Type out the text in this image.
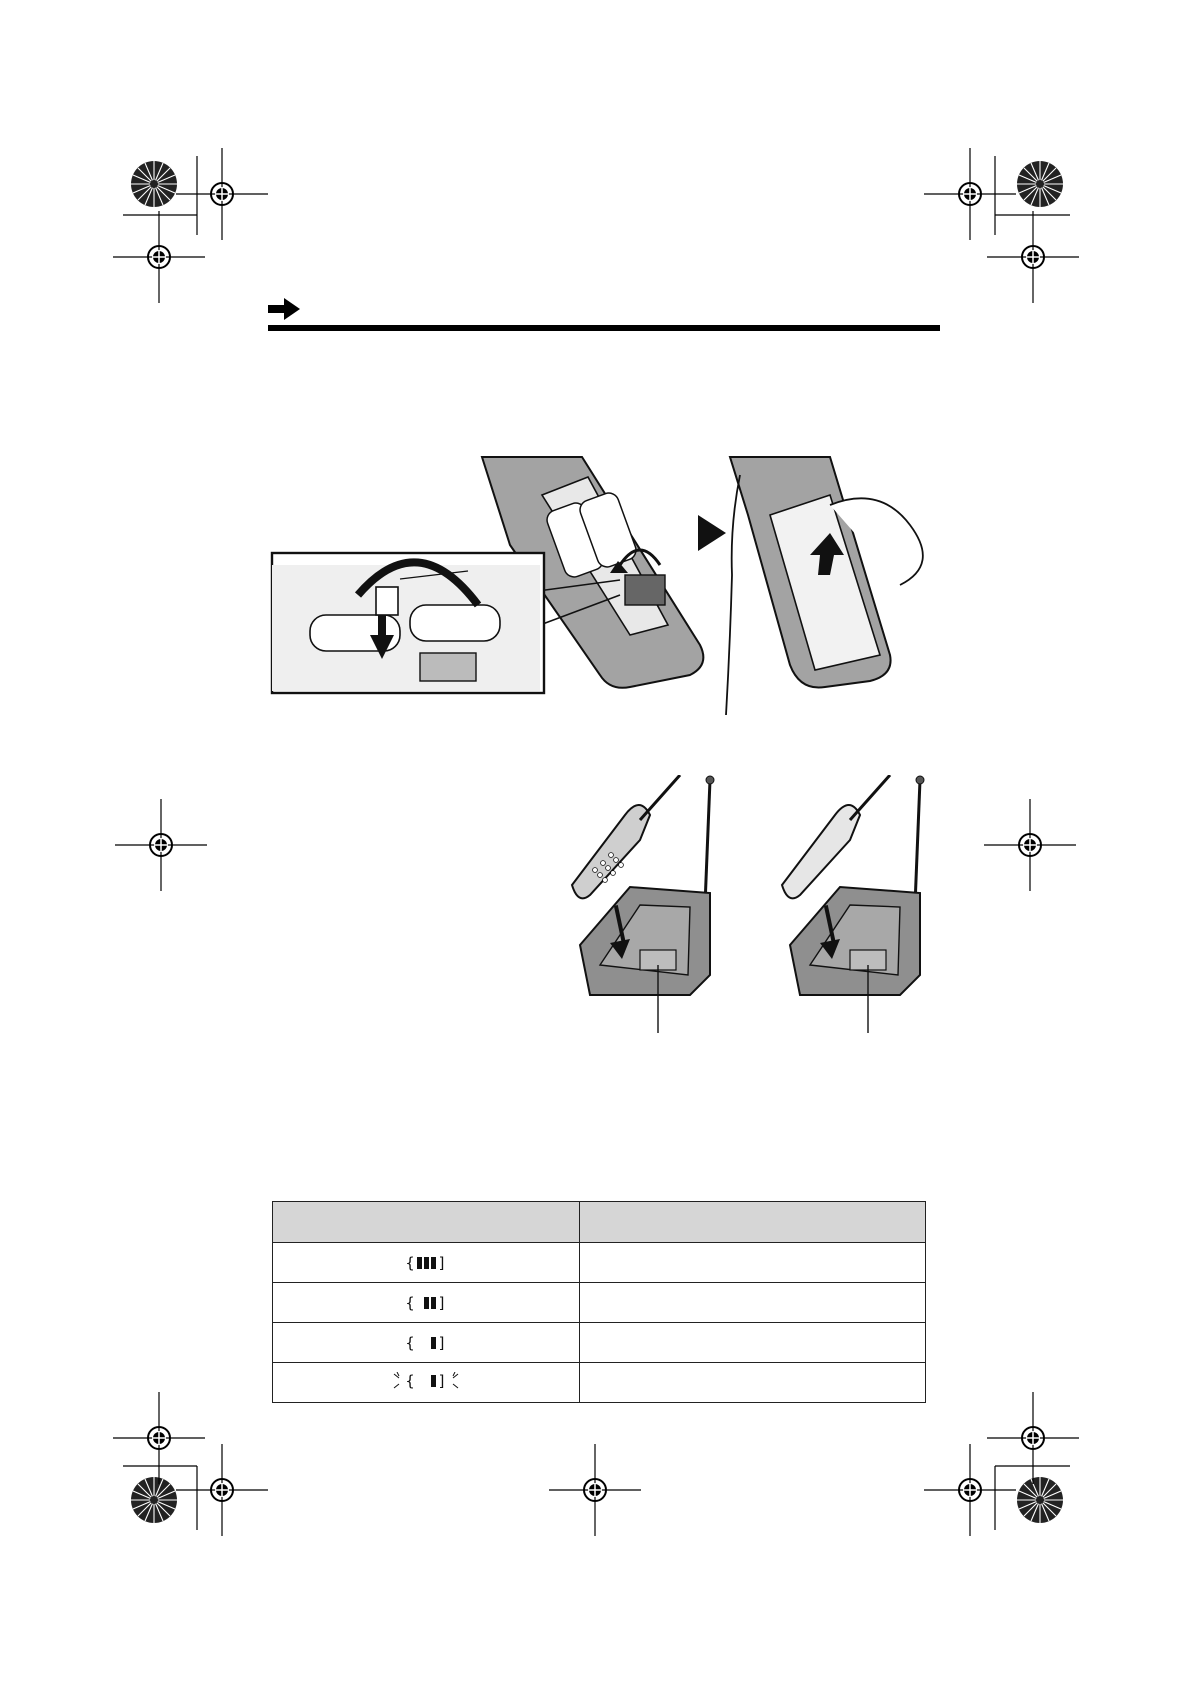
{ ]	
{ ]	
{ ]	

{ ]
